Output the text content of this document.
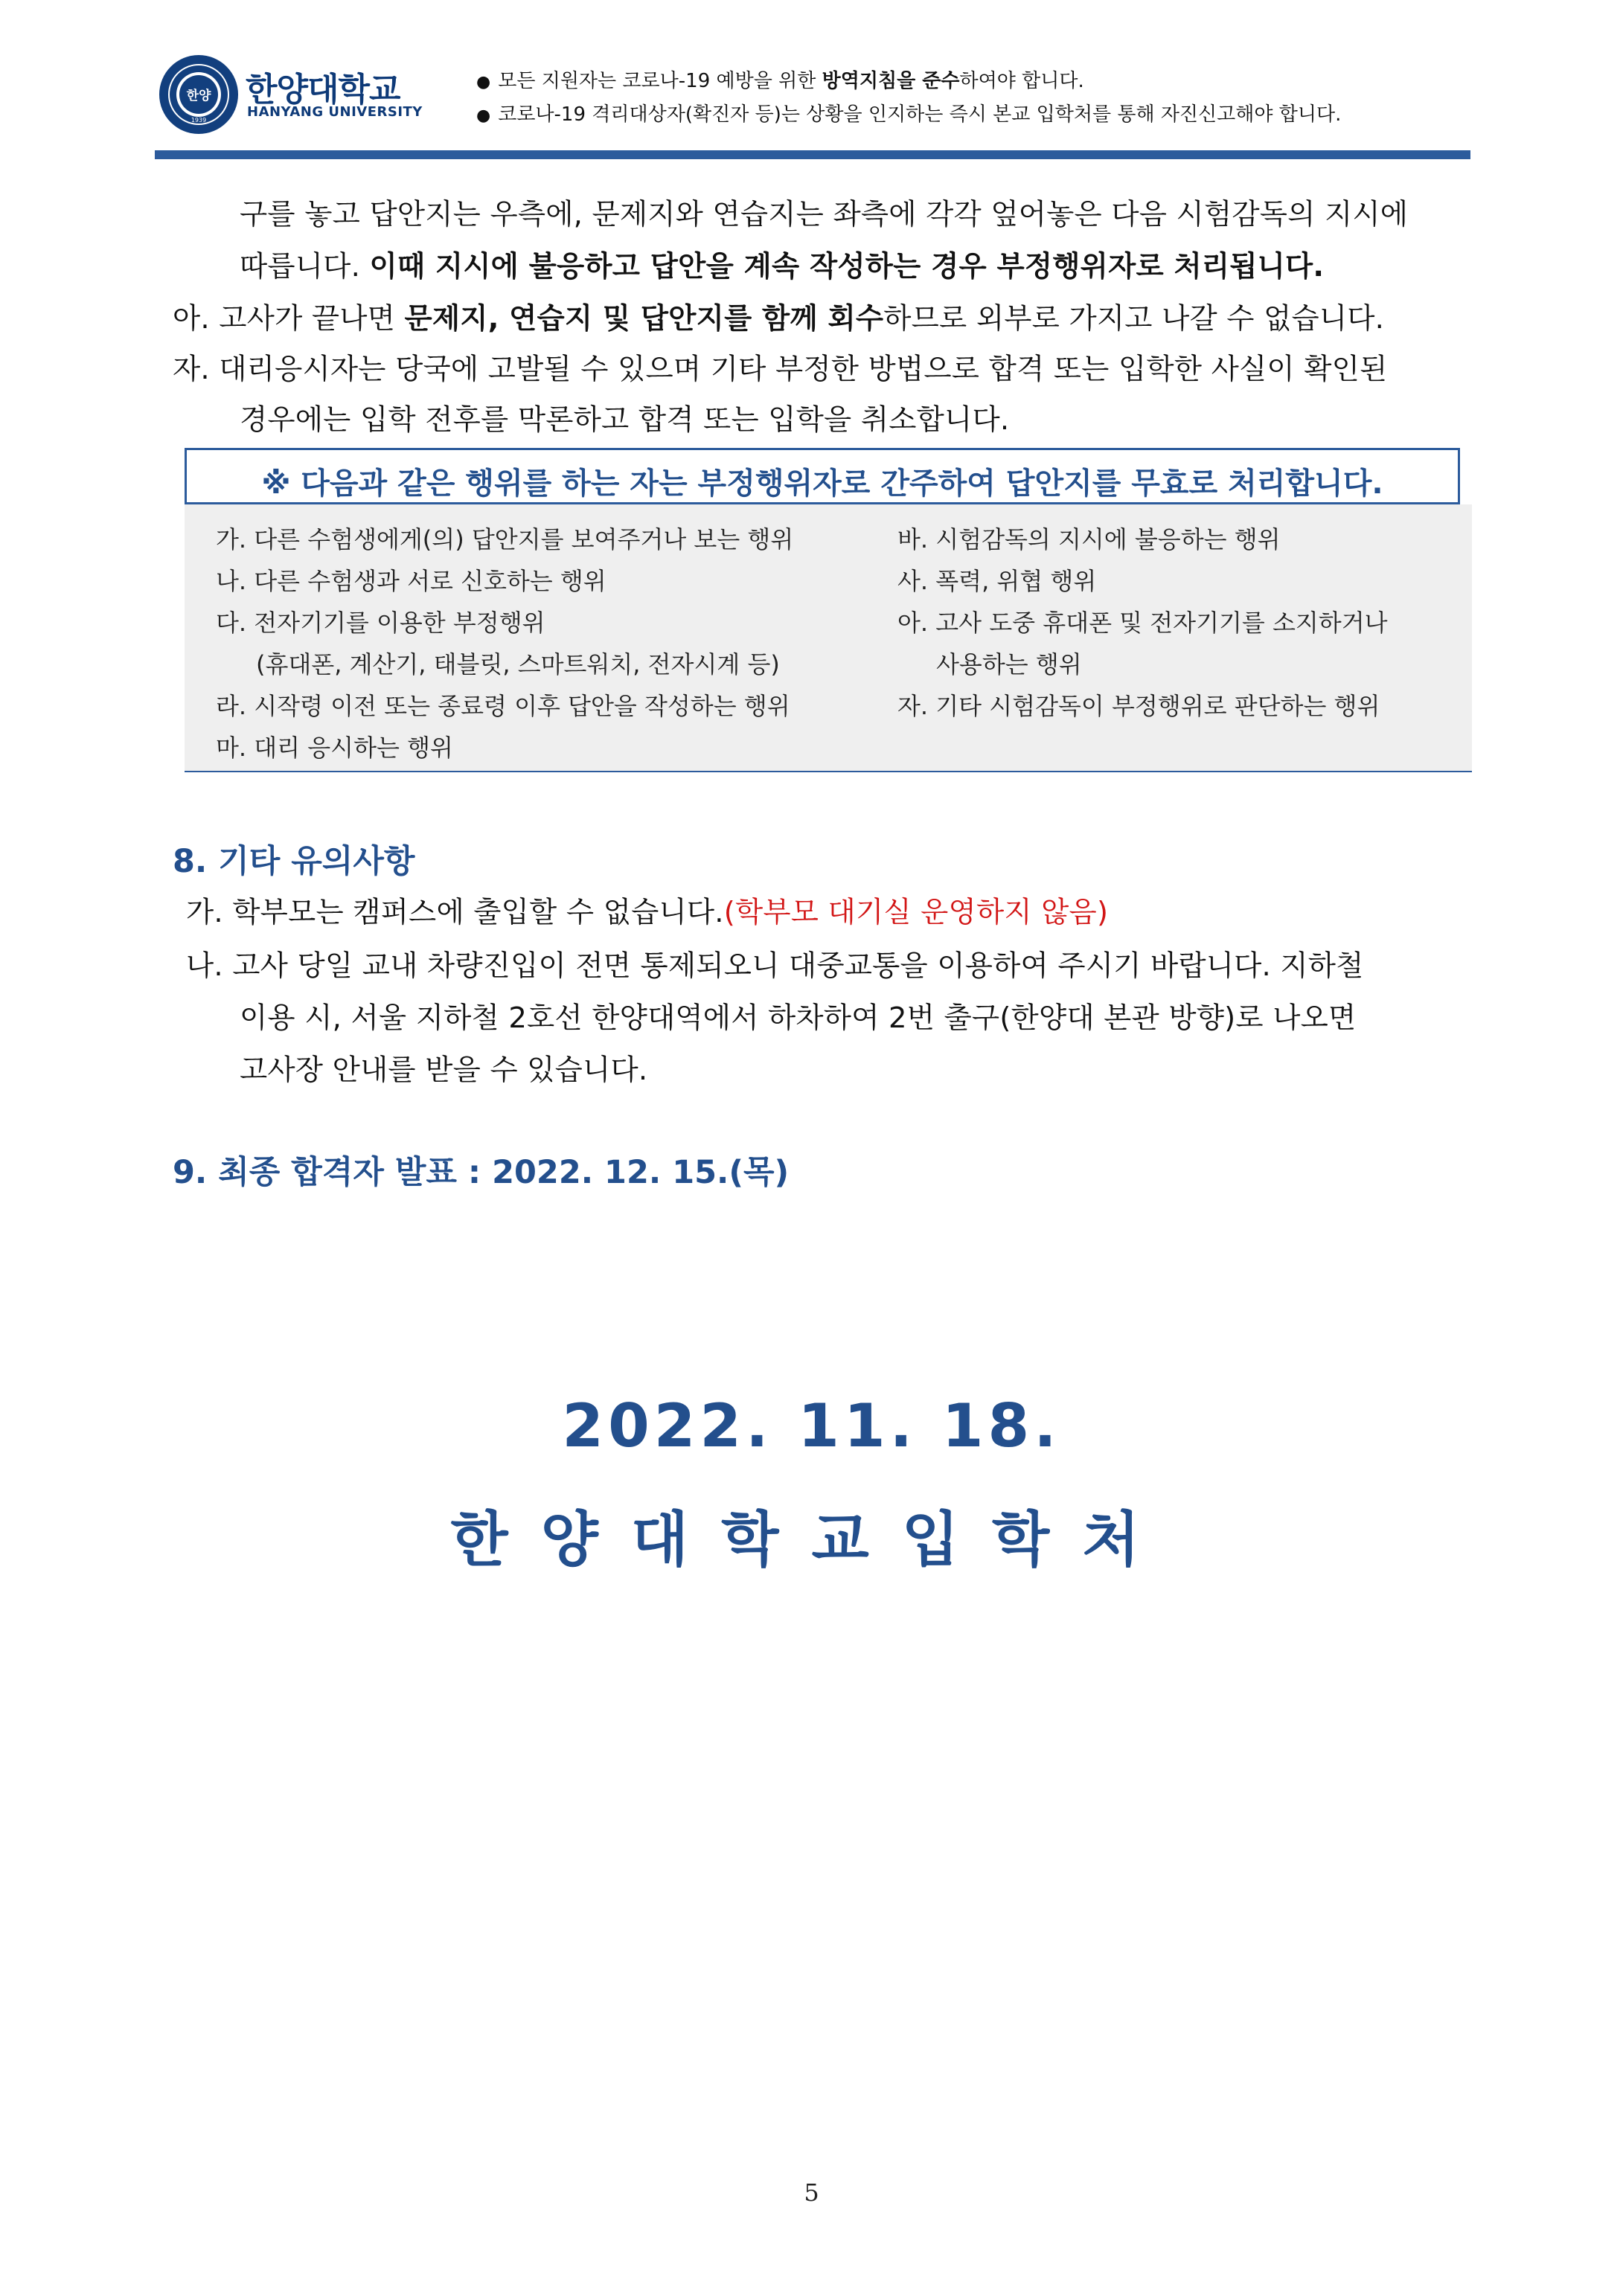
한양
1939
한양대학교
HANYANG UNIVERSITY
● 모든 지원자는 코로나-19 예방을 위한 방역지침을 준수하여야 합니다.
● 코로나-19 격리대상자(확진자 등)는 상황을 인지하는 즉시 본교 입학처를 통해 자진신고해야 합니다.
구를 놓고 답안지는 우측에, 문제지와 연습지는 좌측에 각각 엎어놓은 다음 시험감독의 지시에
따릅니다. 이때 지시에 불응하고 답안을 계속 작성하는 경우 부정행위자로 처리됩니다.
아. 고사가 끝나면 문제지, 연습지 및 답안지를 함께 회수하므로 외부로 가지고 나갈 수 없습니다.
자. 대리응시자는 당국에 고발될 수 있으며 기타 부정한 방법으로 합격 또는 입학한 사실이 확인된
경우에는 입학 전후를 막론하고 합격 또는 입학을 취소합니다.
※ 다음과 같은 행위를 하는 자는 부정행위자로 간주하여 답안지를 무효로 처리합니다.
가. 다른 수험생에게(의) 답안지를 보여주거나 보는 행위
나. 다른 수험생과 서로 신호하는 행위
다. 전자기기를 이용한 부정행위
(휴대폰, 계산기, 태블릿, 스마트워치, 전자시계 등)
라. 시작령 이전 또는 종료령 이후 답안을 작성하는 행위
마. 대리 응시하는 행위
바. 시험감독의 지시에 불응하는 행위
사. 폭력, 위협 행위
아. 고사 도중 휴대폰 및 전자기기를 소지하거나
사용하는 행위
자. 기타 시험감독이 부정행위로 판단하는 행위
8. 기타 유의사항
가. 학부모는 캠퍼스에 출입할 수 없습니다.(학부모 대기실 운영하지 않음)
나. 고사 당일 교내 차량진입이 전면 통제되오니 대중교통을 이용하여 주시기 바랍니다. 지하철
이용 시, 서울 지하철 2호선 한양대역에서 하차하여 2번 출구(한양대 본관 방향)로 나오면
고사장 안내를 받을 수 있습니다.
9. 최종 합격자 발표 : 2022. 12. 15.(목)
2022. 11. 18.
한양대학교입학처
5
